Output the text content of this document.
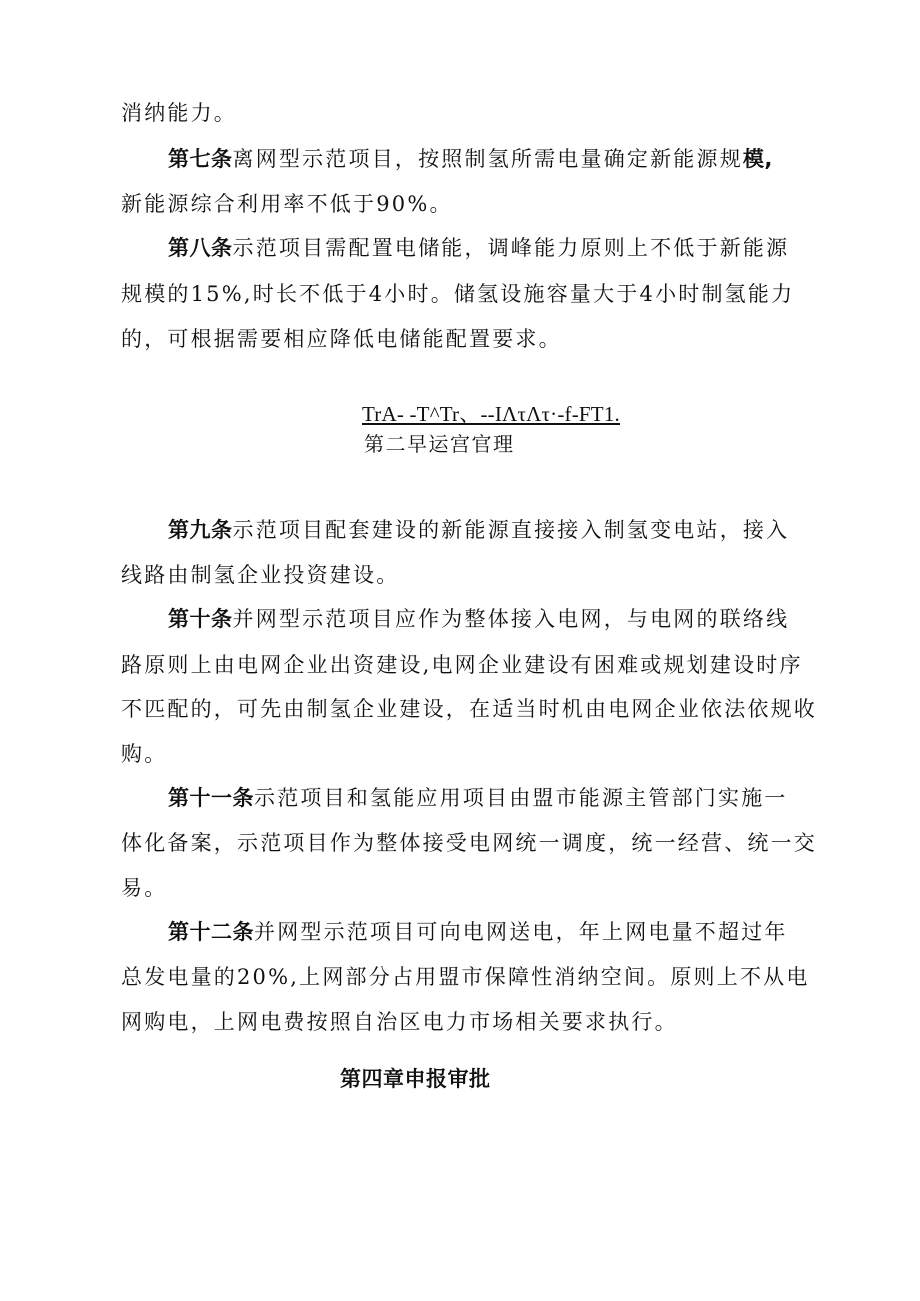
消纳能力。
第七条离网型示范项目，按照制氢所需电量确定新能源规模,
新能源综合利用率不低于90%。
第八条示范项目需配置电储能，调峰能力原则上不低于新能源
规模的15%,时长不低于4小时。储氢设施容量大于4小时制氢能力
的，可根据需要相应降低电储能配置要求。
TrA- -T^Tr、--IΛτΛτ·-f-FT1.
第二早运宫官理
第九条示范项目配套建设的新能源直接接入制氢变电站，接入
线路由制氢企业投资建设。
第十条并网型示范项目应作为整体接入电网，与电网的联络线
路原则上由电网企业出资建设,电网企业建设有困难或规划建设时序
不匹配的，可先由制氢企业建设，在适当时机由电网企业依法依规收
购。
第十一条示范项目和氢能应用项目由盟市能源主管部门实施一
体化备案，示范项目作为整体接受电网统一调度，统一经营、统一交
易。
第十二条并网型示范项目可向电网送电，年上网电量不超过年
总发电量的20%,上网部分占用盟市保障性消纳空间。原则上不从电
网购电，上网电费按照自治区电力市场相关要求执行。
第四章申报审批
